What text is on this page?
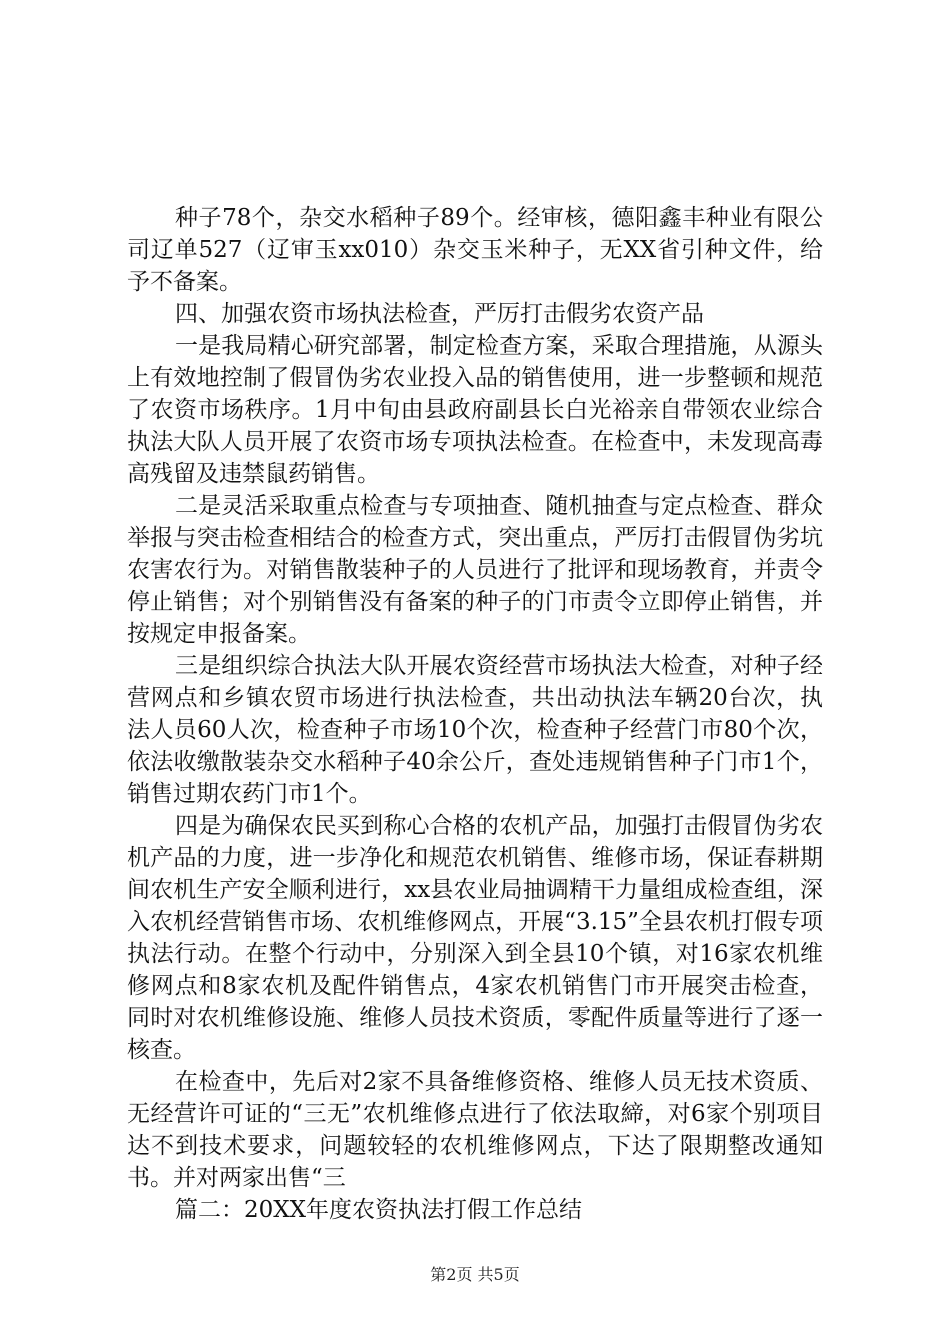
种子78个，杂交水稻种子89个。经审核，德阳鑫丰种业有限公司辽单527（辽审玉xx010）杂交玉米种子，无XX省引种文件，给予不备案。

四、加强农资市场执法检查，严厉打击假劣农资产品

一是我局精心研究部署，制定检查方案，采取合理措施，从源头上有效地控制了假冒伪劣农业投入品的销售使用，进一步整顿和规范了农资市场秩序。1月中旬由县政府副县长白光裕亲自带领农业综合执法大队人员开展了农资市场专项执法检查。在检查中，未发现高毒高残留及违禁鼠药销售。

二是灵活采取重点检查与专项抽查、随机抽查与定点检查、群众举报与突击检查相结合的检查方式，突出重点，严厉打击假冒伪劣坑农害农行为。对销售散装种子的人员进行了批评和现场教育，并责令停止销售；对个别销售没有备案的种子的门市责令立即停止销售，并按规定申报备案。

三是组织综合执法大队开展农资经营市场执法大检查，对种子经营网点和乡镇农贸市场进行执法检查，共出动执法车辆20台次，执法人员60人次，检查种子市场10个次，检查种子经营门市80个次，依法收缴散装杂交水稻种子40余公斤，查处违规销售种子门市1个，销售过期农药门市1个。

四是为确保农民买到称心合格的农机产品，加强打击假冒伪劣农机产品的力度，进一步净化和规范农机销售、维修市场，保证春耕期间农机生产安全顺利进行，xx县农业局抽调精干力量组成检查组，深入农机经营销售市场、农机维修网点，开展“3.15”全县农机打假专项执法行动。在整个行动中，分别深入到全县10个镇，对16家农机维修网点和8家农机及配件销售点，4家农机销售门市开展突击检查，同时对农机维修设施、维修人员技术资质，零配件质量等进行了逐一核查。

在检查中，先后对2家不具备维修资格、维修人员无技术资质、无经营许可证的“三无”农机维修点进行了依法取締，对6家个别项目达不到技术要求，问题较轻的农机维修网点，下达了限期整改通知书。并对两家出售“三

篇二：20XX年度农资执法打假工作总结

第2页 共5页
